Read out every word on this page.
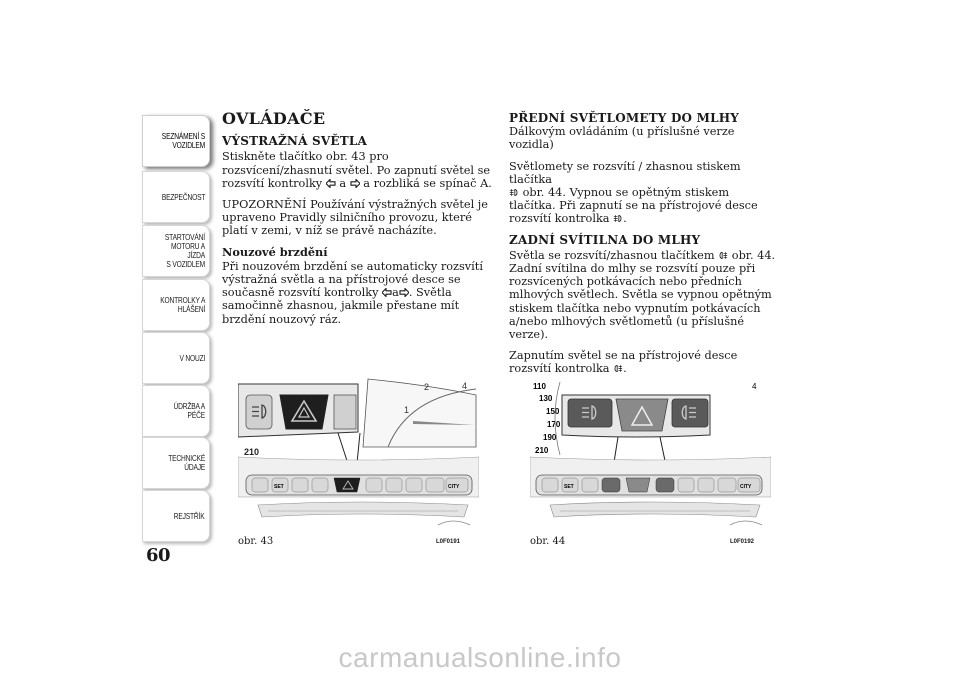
SEZNÁMENÍ S
VOZIDLEM
BEZPEČNOST
STARTOVÁNÍ
MOTORU A JÍZDA
S VOZIDLEM
KONTROLKY A
HLÁŠENÍ
V NOUZI
ÚDRŽBA A PÉČE
TECHNICKÉ
ÚDAJE
REJSTŘÍK
60
OVLÁDAČE
VÝSTRAŽNÁ SVĚTLA

Stiskněte tlačítko obr. 43 pro rozsvícení/zhasnutí světel. Po zapnutí světel se rozsvítí kontrolky  a  a rozbliká se spínač A.

UPOZORNĚNÍ Používání výstražných světel je upraveno Pravidly silničního provozu, které platí v zemi, v níž se právě nacházíte.

Nouzové brzdění

Při nouzovém brzdění se automaticky rozsvítí výstražná světla a na přístrojové desce se současně rozsvítí kontrolky a . Světla samočinně zhasnou, jakmile přestane mít brzdění nouzový ráz.

PŘEDNÍ SVĚTLOMETY DO MLHY

Dálkovým ovládáním (u příslušné verze vozidla)

Světlomety se rozsvítí / zhasnou stiskem tlačítka
obr. 44. Vypnou se opětným stiskem tlačítka. Při zapnutí se na přístrojové desce rozsvítí kontrolka .

ZADNÍ SVÍTILNA DO MLHY

Světla se rozsvítí/zhasnou tlačítkem  obr. 44. Zadní svítilna do mlhy se rozsvítí pouze při rozsvícených potkávacích nebo předních mlhových světlech. Světla se vypnou opětným stiskem tlačítka nebo vypnutím potkávacích a/nebo mlhových světlometů (u příslušné verze).

Zapnutím světel se na přístrojové desce rozsvítí kontrolka .

2	4
1
210
SET	CITY
obr. 43	L0F0191
110
130
150
170
190
210
4
SET	CITY
obr. 44	L0F0192
carmanualsonline.info
